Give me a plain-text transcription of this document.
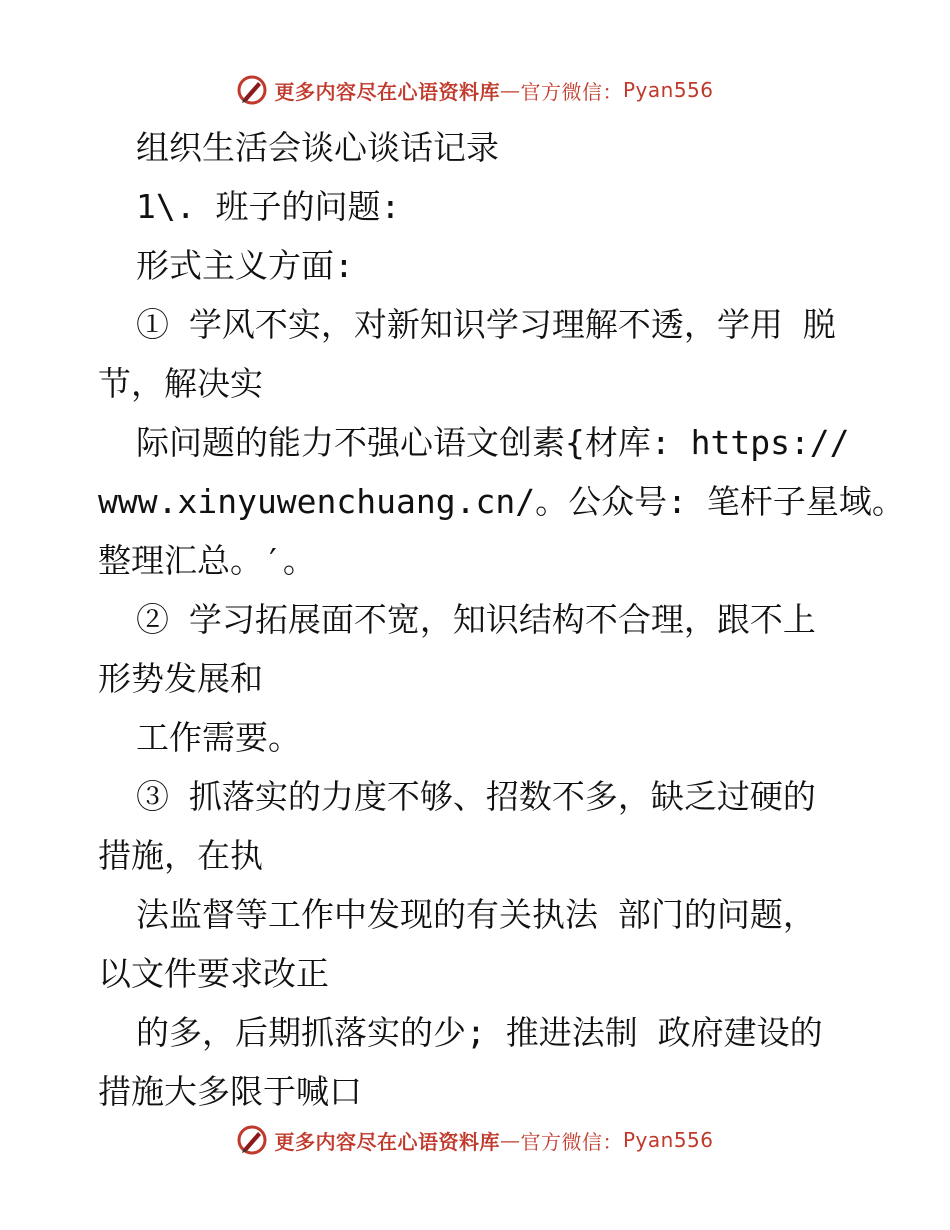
更多内容尽在心语资料库 — 官方微信： Pyan556
组织生活会谈心谈话记录
1\. 班子的问题:
形式主义方面:
① 学风不实，对新知识学习理解不透，学用 脱
节，解决实
际问题的能力不强心语文创素{材库: https://
www.xinyuwenchuang.cn/。公众号: 笔杆子星域。
整理汇总。′。
② 学习拓展面不宽，知识结构不合理，跟不上
形势发展和
工作需要。
③ 抓落实的力度不够、招数不多，缺乏过硬的
措施，在执
法监督等工作中发现的有关执法 部门的问题，
以文件要求改正
的多，后期抓落实的少; 推进法制 政府建设的
措施大多限于喊口
更多内容尽在心语资料库 — 官方微信： Pyan556
